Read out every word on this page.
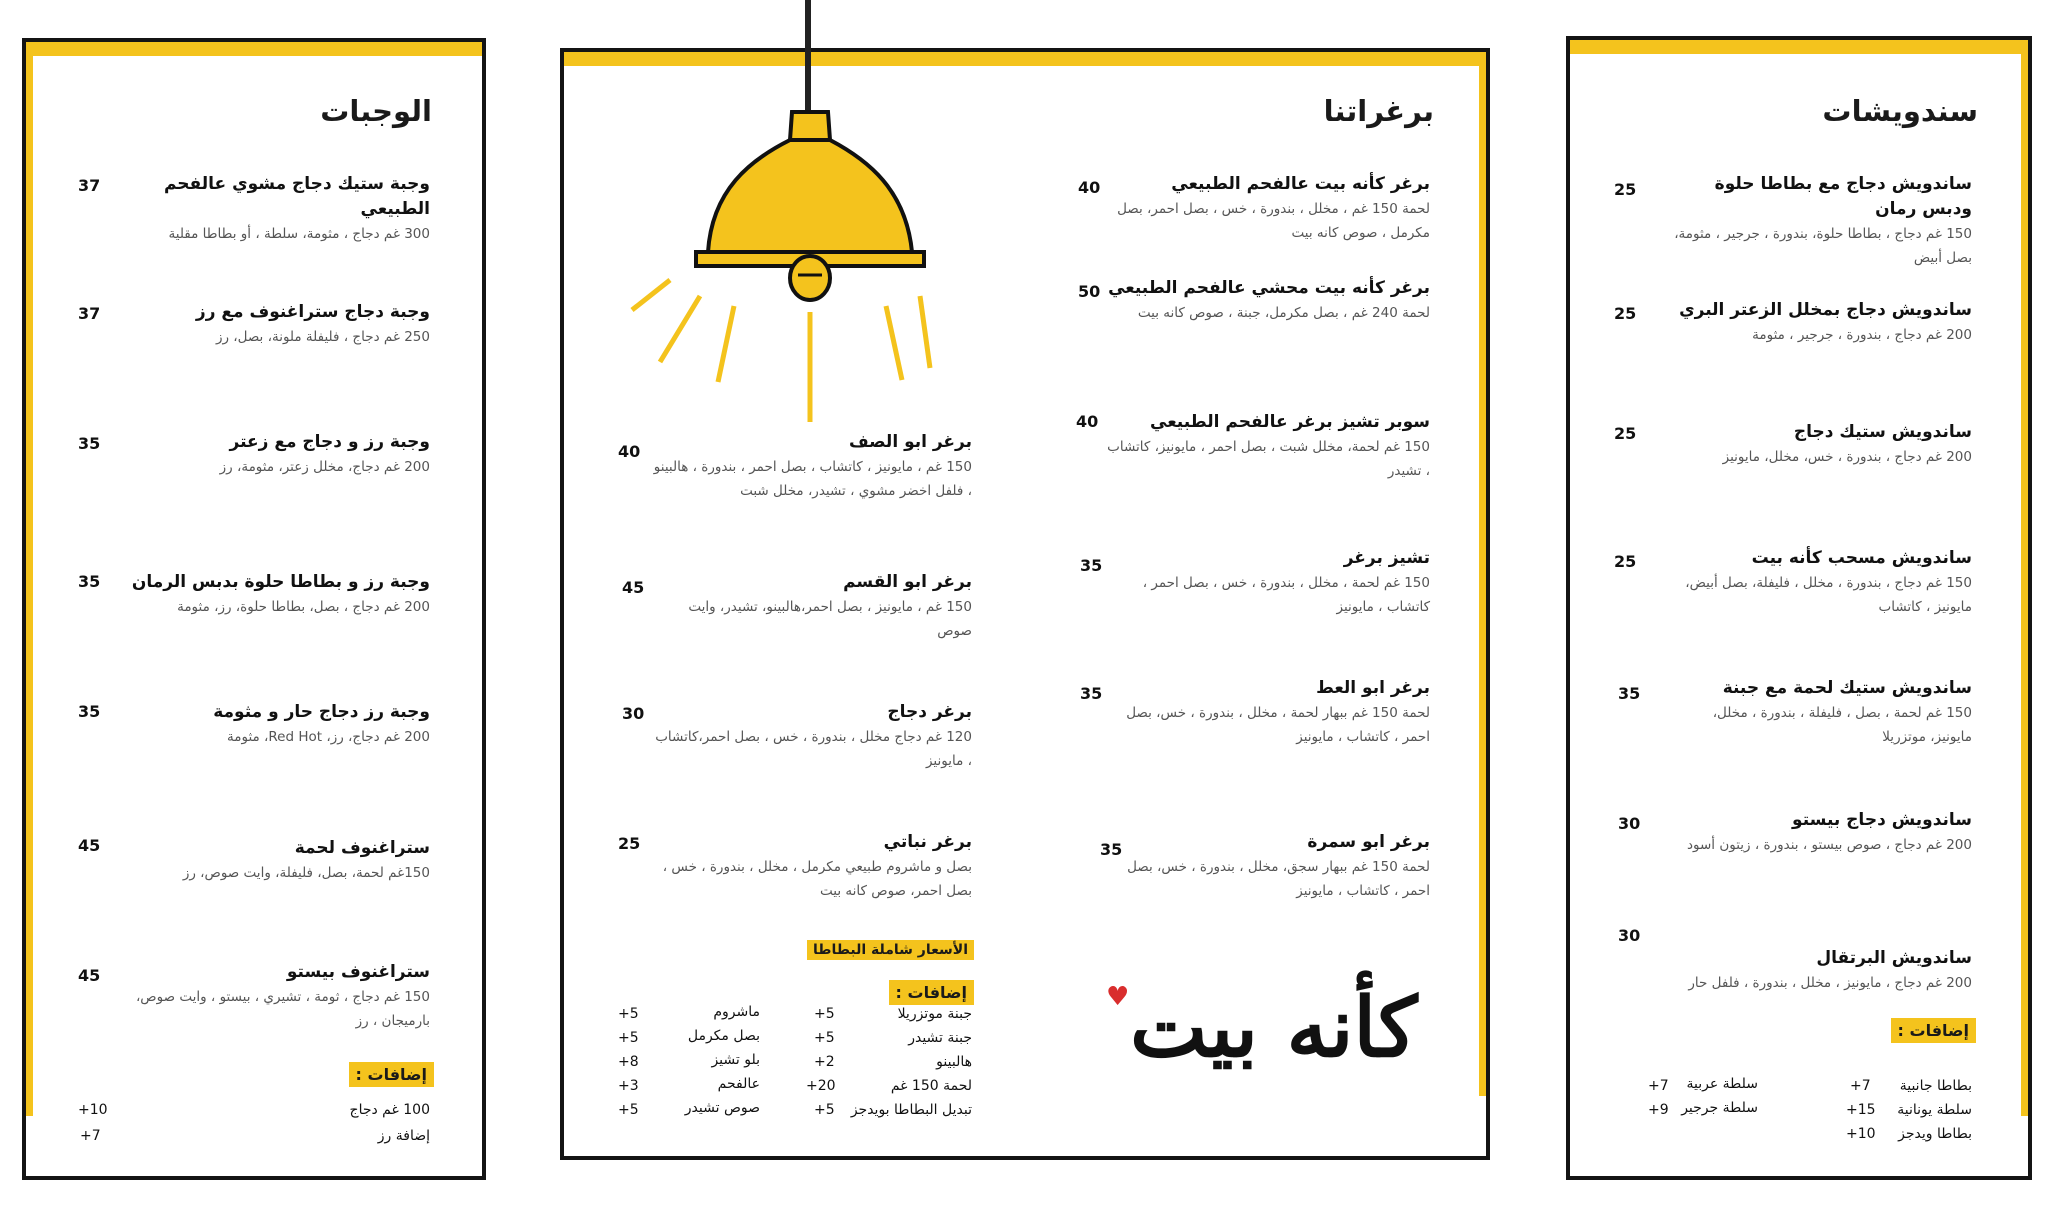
سندويشات
ساندويش دجاج مع بطاطا حلوة ودبس رمان
150 غم دجاج ، بطاطا حلوة، بندورة ، جرجير ، مثومة، بصل أبيض
25
ساندويش دجاج بمخلل الزعتر البري
200 غم دجاج ، بندورة ، جرجير ، مثومة
25
ساندويش ستيك دجاج
200 غم دجاج ، بندورة ، خس، مخلل، مايونيز
25
ساندويش مسحب كأنه بيت
150 غم دجاج ، بندورة ، مخلل ، فليفلة، بصل أبيض، مايونيز ، كاتشاب
25
ساندويش ستيك لحمة مع جبنة
150 غم لحمة ، بصل ، فليفلة ، بندورة ، مخلل، مايونيز، موتزريلا
35
ساندويش دجاج بيستو
200 غم دجاج ، صوص بيستو ، بندورة ، زيتون أسود
30
ساندويش البرتقال
200 غم دجاج ، مايونيز ، مخلل ، بندورة ، فلفل حار
30
إضافات :
بطاطا جانبية
+7
سلطة يونانية
+15
بطاطا ويدجز
+10
سلطة عربية
+7
سلطة جرجير
+9
برغراتنا
برغر كأنه بيت عالفحم الطبيعي
لحمة 150 غم ، مخلل ، بندورة ، خس ، بصل احمر، بصل مكرمل ، صوص كانه بيت
40
برغر كأنه بيت محشي عالفحم الطبيعي
لحمة 240 غم ، بصل مكرمل، جبنة ، صوص كانه بيت
50
سوبر تشيز برغر عالفحم الطبيعي
150 غم لحمة، مخلل شبت ، بصل احمر ، مايونيز، كاتشاب ، تشيدر
40
تشيز برغر
150 غم لحمة ، مخلل ، بندورة ، خس ، بصل احمر ، كاتشاب ، مايونيز
35
برغر ابو العط
لحمة 150 غم ببهار لحمة ، مخلل ، بندورة ، خس، بصل احمر ، كاتشاب ، مايونيز
35
برغر ابو سمرة
لحمة 150 غم ببهار سجق، مخلل ، بندورة ، خس، بصل احمر ، كاتشاب ، مايونيز
35
برغر ابو الصف
150 غم ، مايونيز ، كاتشاب ، بصل احمر ، بندورة ، هالبينو ، فلفل اخضر مشوي ، تشيدر، مخلل شبت
40
برغر ابو القسم
150 غم ، مايونيز ، بصل احمر،هالبينو، تشيدر، وايت صوص
45
برغر دجاج
120 غم دجاج مخلل ، بندورة ، خس ، بصل احمر،كاتشاب ، مايونيز
30
برغر نباتي
بصل و ماشروم طبيعي مكرمل ، مخلل ، بندورة ، خس ، بصل احمر، صوص كانه بيت
25
الأسعار شاملة البطاطا
إضافات :
جبنة موتزريلا
+5
جبنة تشيدر
+5
هالبينو
+2
لحمة 150 غم
+20
تبديل البطاطا بويدجز
+5
ماشروم
+5
بصل مكرمل
+5
بلو تشيز
+8
عالفحم
+3
صوص تشيدر
+5
♥ كأنه بيت
الوجبات
وجبة ستيك دجاج مشوي عالفحم الطبيعي
300 غم دجاج ، مثومة، سلطة ، أو بطاطا مقلية
37
وجبة دجاج ستراغنوف مع رز
250 غم دجاج ، فليفلة ملونة، بصل، رز
37
وجبة رز و دجاج مع زعتر
200 غم دجاج، مخلل زعتر، مثومة، رز
35
وجبة رز و بطاطا حلوة بدبس الرمان
200 غم دجاج ، بصل، بطاطا حلوة، رز، مثومة
35
وجبة رز دجاج حار و مثومة
200 غم دجاج، رز، Red Hot، مثومة
35
ستراغنوف لحمة
150غم لحمة، بصل، فليفلة، وايت صوص، رز
45
ستراغنوف بيستو
150 غم دجاج ، ثومة ، تشيري ، بيستو ، وايت صوص، بارميجان ، رز
45
إضافات :
100 غم دجاج
+10
إضافة رز
+7
